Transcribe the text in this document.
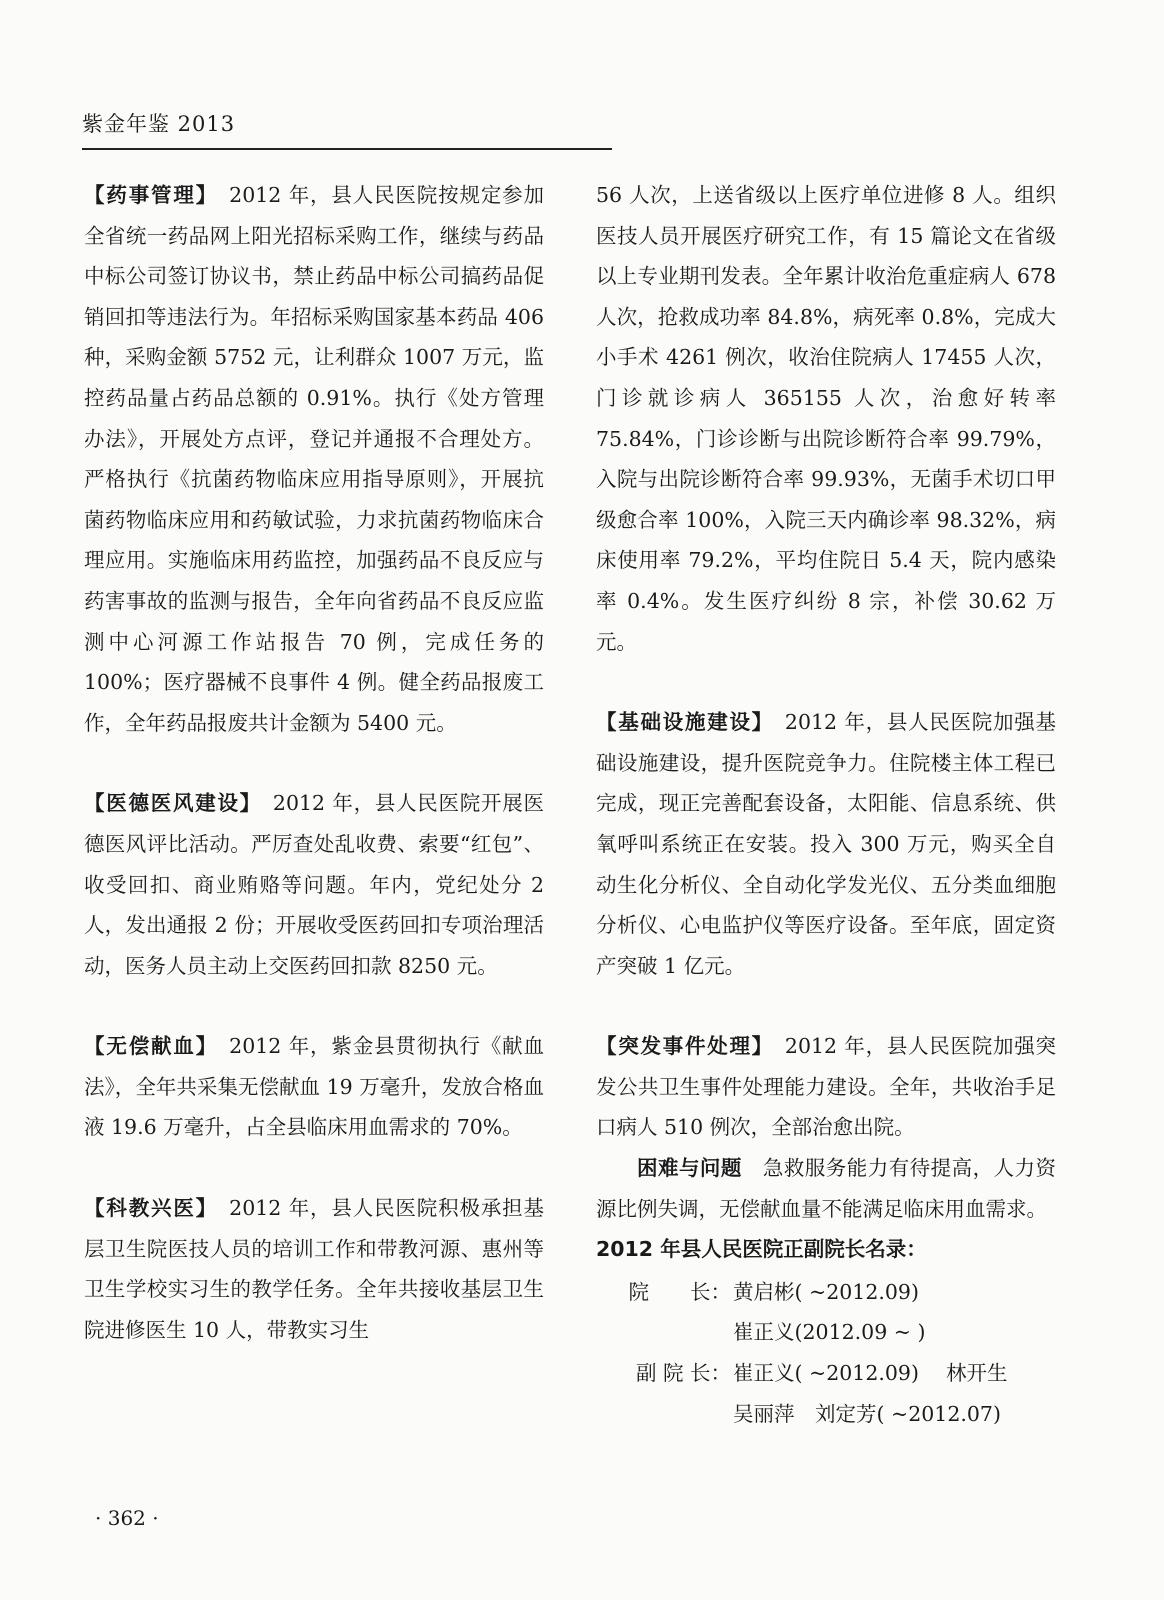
紫金年鉴 2013

【药事管理】　2012 年，县人民医院按规定参加全省统一药品网上阳光招标采购工作，继续与药品中标公司签订协议书，禁止药品中标公司搞药品促销回扣等违法行为。年招标采购国家基本药品 406 种，采购金额 5752 元，让利群众 1007 万元，监控药品量占药品总额的 0.91%。执行《处方管理办法》，开展处方点评，登记并通报不合理处方。严格执行《抗菌药物临床应用指导原则》，开展抗菌药物临床应用和药敏试验，力求抗菌药物临床合理应用。实施临床用药监控，加强药品不良反应与药害事故的监测与报告，全年向省药品不良反应监测中心河源工作站报告 70 例，完成任务的 100%；医疗器械不良事件 4 例。健全药品报废工作，全年药品报废共计金额为 5400 元。

【医德医风建设】　2012 年，县人民医院开展医德医风评比活动。严厉查处乱收费、索要“红包”、收受回扣、商业贿赂等问题。年内，党纪处分 2 人，发出通报 2 份；开展收受医药回扣专项治理活动，医务人员主动上交医药回扣款 8250 元。

【无偿献血】　2012 年，紫金县贯彻执行《献血法》，全年共采集无偿献血 19 万毫升，发放合格血液 19.6 万毫升，占全县临床用血需求的 70%。

【科教兴医】　2012 年，县人民医院积极承担基层卫生院医技人员的培训工作和带教河源、惠州等卫生学校实习生的教学任务。全年共接收基层卫生院进修医生 10 人，带教实习生

56 人次，上送省级以上医疗单位进修 8 人。组织医技人员开展医疗研究工作，有 15 篇论文在省级以上专业期刊发表。全年累计收治危重症病人 678 人次，抢救成功率 84.8%，病死率 0.8%，完成大小手术 4261 例次，收治住院病人 17455 人次，门诊就诊病人 365155 人次，治愈好转率 75.84%，门诊诊断与出院诊断符合率 99.79%，入院与出院诊断符合率 99.93%，无菌手术切口甲级愈合率 100%，入院三天内确诊率 98.32%，病床使用率 79.2%，平均住院日 5.4 天，院内感染率 0.4%。发生医疗纠纷 8 宗，补偿 30.62 万元。

【基础设施建设】　2012 年，县人民医院加强基础设施建设，提升医院竞争力。住院楼主体工程已完成，现正完善配套设备，太阳能、信息系统、供氧呼叫系统正在安装。投入 300 万元，购买全自动生化分析仪、全自动化学发光仪、五分类血细胞分析仪、心电监护仪等医疗设备。至年底，固定资产突破 1 亿元。

【突发事件处理】　2012 年，县人民医院加强突发公共卫生事件处理能力建设。全年，共收治手足口病人 510 例次，全部治愈出院。

困难与问题　急救服务能力有待提高，人力资源比例失调，无偿献血量不能满足临床用血需求。

2012 年县人民医院正副院长名录：

院　　长： 黄启彬( ~2012.09)
崔正义(2012.09 ~ )
副 院 长： 崔正义( ~2012.09)　 林开生
吴丽萍　刘定芳( ~2012.07)
· 362 ·
